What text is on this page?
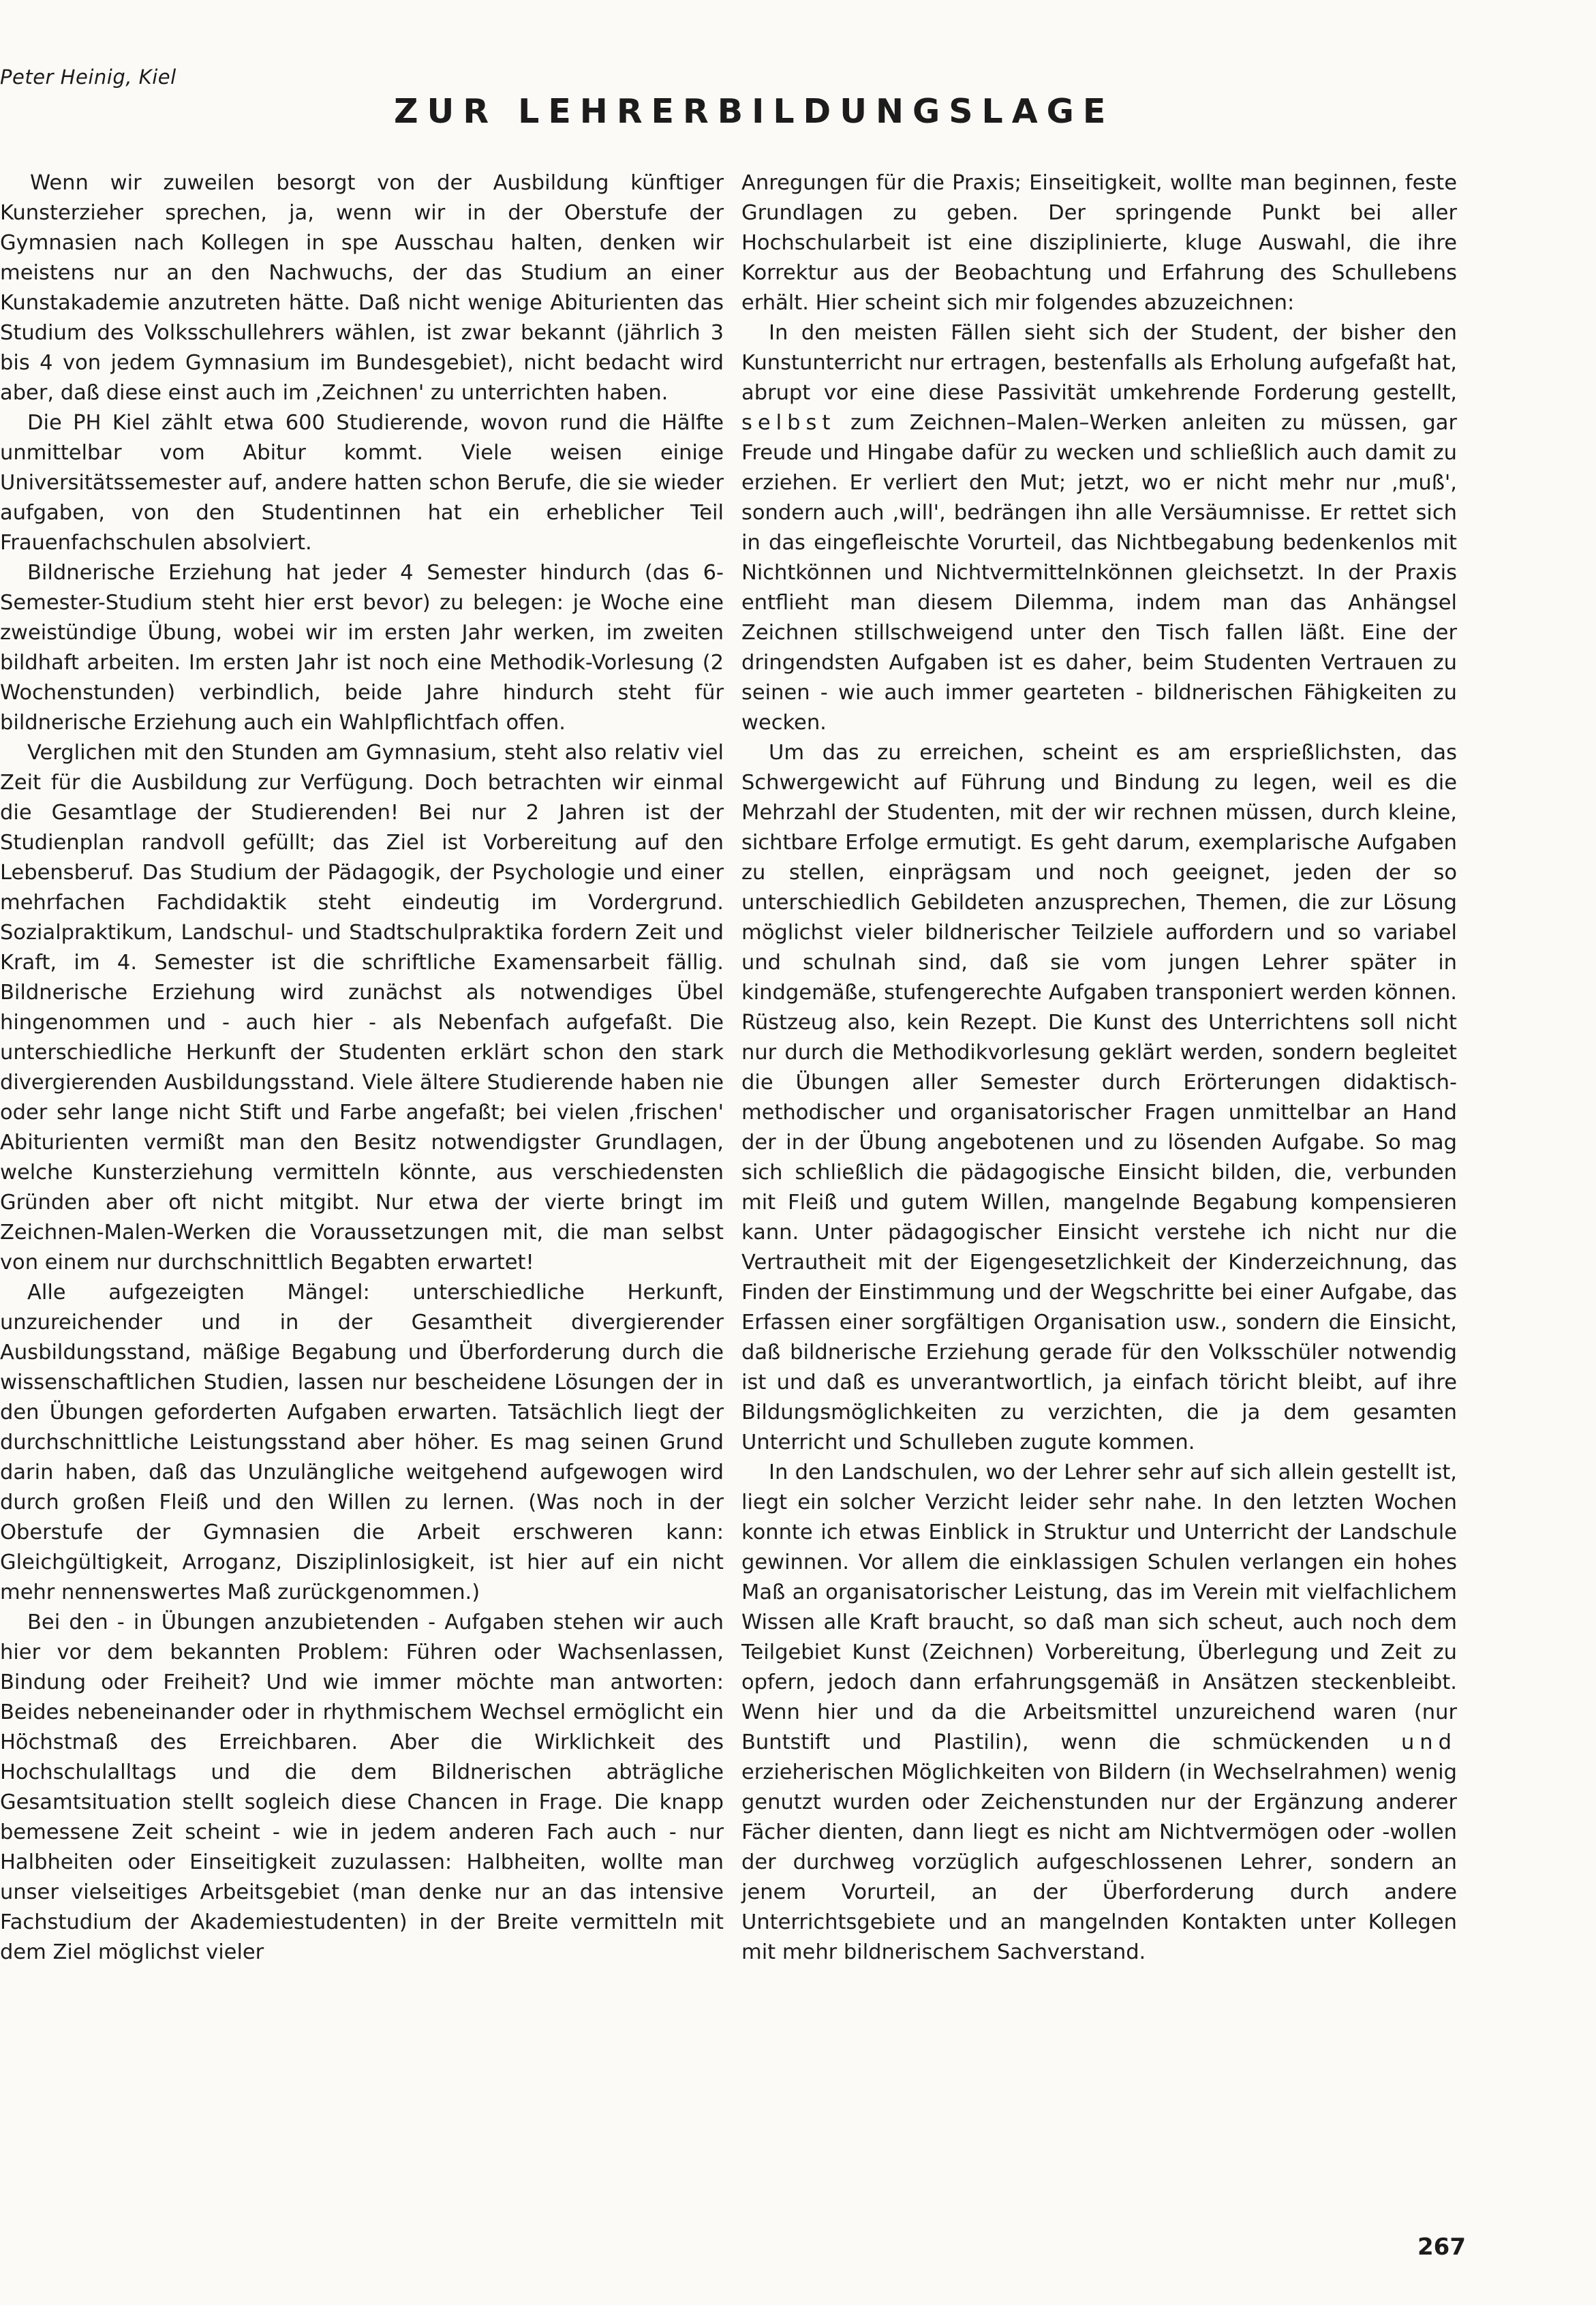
Peter Heinig, Kiel
ZUR LEHRERBILDUNGSLAGE

Wenn wir zuweilen besorgt von der Ausbildung künftiger Kunsterzieher sprechen, ja, wenn wir in der Oberstufe der Gymnasien nach Kollegen in spe Ausschau halten, denken wir meistens nur an den Nachwuchs, der das Studium an einer Kunstakademie anzutreten hätte. Daß nicht wenige Abiturienten das Studium des Volksschullehrers wählen, ist zwar bekannt (jährlich 3 bis 4 von jedem Gymnasium im Bundesgebiet), nicht bedacht wird aber, daß diese einst auch im ,Zeichnen' zu unterrichten haben.

Die PH Kiel zählt etwa 600 Studierende, wovon rund die Hälfte unmittelbar vom Abitur kommt. Viele weisen einige Universitätssemester auf, andere hatten schon Berufe, die sie wieder aufgaben, von den Studentinnen hat ein erheblicher Teil Frauenfachschulen absolviert.

Bildnerische Erziehung hat jeder 4 Semester hindurch (das 6-Semester-Studium steht hier erst bevor) zu belegen: je Woche eine zweistündige Übung, wobei wir im ersten Jahr werken, im zweiten bildhaft arbeiten. Im ersten Jahr ist noch eine Methodik-Vorlesung (2 Wochenstunden) verbindlich, beide Jahre hindurch steht für bildnerische Erziehung auch ein Wahlpflichtfach offen.

Verglichen mit den Stunden am Gymnasium, steht also relativ viel Zeit für die Ausbildung zur Verfügung. Doch betrachten wir einmal die Gesamtlage der Studierenden! Bei nur 2 Jahren ist der Studienplan randvoll gefüllt; das Ziel ist Vorbereitung auf den Lebensberuf. Das Studium der Pädagogik, der Psychologie und einer mehrfachen Fachdidaktik steht eindeutig im Vordergrund. Sozialpraktikum, Landschul- und Stadtschulpraktika fordern Zeit und Kraft, im 4. Semester ist die schriftliche Examensarbeit fällig. Bildnerische Erziehung wird zunächst als notwendiges Übel hingenommen und - auch hier - als Nebenfach aufgefaßt. Die unterschiedliche Herkunft der Studenten erklärt schon den stark divergierenden Ausbildungsstand. Viele ältere Studierende haben nie oder sehr lange nicht Stift und Farbe angefaßt; bei vielen ,frischen' Abiturienten vermißt man den Besitz notwendigster Grundlagen, welche Kunsterziehung vermitteln könnte, aus verschiedensten Gründen aber oft nicht mitgibt. Nur etwa der vierte bringt im Zeichnen-Malen-Werken die Voraussetzungen mit, die man selbst von einem nur durchschnittlich Begabten erwartet!

Alle aufgezeigten Mängel: unterschiedliche Herkunft, unzureichender und in der Gesamtheit divergierender Ausbildungsstand, mäßige Begabung und Überforderung durch die wissenschaftlichen Studien, lassen nur bescheidene Lösungen der in den Übungen geforderten Aufgaben erwarten. Tatsächlich liegt der durchschnittliche Leistungsstand aber höher. Es mag seinen Grund darin haben, daß das Unzulängliche weitgehend aufgewogen wird durch großen Fleiß und den Willen zu lernen. (Was noch in der Oberstufe der Gymnasien die Arbeit erschweren kann: Gleichgültigkeit, Arroganz, Disziplinlosigkeit, ist hier auf ein nicht mehr nennenswertes Maß zurückgenommen.)

Bei den - in Übungen anzubietenden - Aufgaben stehen wir auch hier vor dem bekannten Problem: Führen oder Wachsenlassen, Bindung oder Freiheit? Und wie immer möchte man antworten: Beides nebeneinander oder in rhythmischem Wechsel ermöglicht ein Höchstmaß des Erreichbaren. Aber die Wirklichkeit des Hochschulalltags und die dem Bildnerischen abträgliche Gesamtsituation stellt sogleich diese Chancen in Frage. Die knapp bemessene Zeit scheint - wie in jedem anderen Fach auch - nur Halbheiten oder Einseitigkeit zuzulassen: Halbheiten, wollte man unser vielseitiges Arbeitsgebiet (man denke nur an das intensive Fachstudium der Akademiestudenten) in der Breite vermitteln mit dem Ziel möglichst vieler

Anregungen für die Praxis; Einseitigkeit, wollte man beginnen, feste Grundlagen zu geben. Der springende Punkt bei aller Hochschularbeit ist eine disziplinierte, kluge Auswahl, die ihre Korrektur aus der Beobachtung und Erfahrung des Schullebens erhält. Hier scheint sich mir folgendes abzuzeichnen:

In den meisten Fällen sieht sich der Student, der bisher den Kunstunterricht nur ertragen, bestenfalls als Erholung aufgefaßt hat, abrupt vor eine diese Passivität umkehrende Forderung gestellt, selbst zum Zeichnen–Malen–Werken anleiten zu müssen, gar Freude und Hingabe dafür zu wecken und schließlich auch damit zu erziehen. Er verliert den Mut; jetzt, wo er nicht mehr nur ,muß', sondern auch ,will', bedrängen ihn alle Versäumnisse. Er rettet sich in das eingefleischte Vorurteil, das Nichtbegabung bedenkenlos mit Nichtkönnen und Nichtvermittelnkönnen gleichsetzt. In der Praxis entflieht man diesem Dilemma, indem man das Anhängsel Zeichnen stillschweigend unter den Tisch fallen läßt. Eine der dringendsten Aufgaben ist es daher, beim Studenten Vertrauen zu seinen - wie auch immer gearteten - bildnerischen Fähigkeiten zu wecken.

Um das zu erreichen, scheint es am ersprießlichsten, das Schwergewicht auf Führung und Bindung zu legen, weil es die Mehrzahl der Studenten, mit der wir rechnen müssen, durch kleine, sichtbare Erfolge ermutigt. Es geht darum, exemplarische Aufgaben zu stellen, einprägsam und noch geeignet, jeden der so unterschiedlich Gebildeten anzusprechen, Themen, die zur Lösung möglichst vieler bildnerischer Teilziele auffordern und so variabel und schulnah sind, daß sie vom jungen Lehrer später in kindgemäße, stufengerechte Aufgaben transponiert werden können. Rüstzeug also, kein Rezept. Die Kunst des Unterrichtens soll nicht nur durch die Methodikvorlesung geklärt werden, sondern begleitet die Übungen aller Semester durch Erörterungen didaktisch-methodischer und organisatorischer Fragen unmittelbar an Hand der in der Übung angebotenen und zu lösenden Aufgabe. So mag sich schließlich die pädagogische Einsicht bilden, die, verbunden mit Fleiß und gutem Willen, mangelnde Begabung kompensieren kann. Unter pädagogischer Einsicht verstehe ich nicht nur die Vertrautheit mit der Eigengesetzlichkeit der Kinderzeichnung, das Finden der Einstimmung und der Wegschritte bei einer Aufgabe, das Erfassen einer sorgfältigen Organisation usw., sondern die Einsicht, daß bildnerische Erziehung gerade für den Volksschüler notwendig ist und daß es unverantwortlich, ja einfach töricht bleibt, auf ihre Bildungsmöglichkeiten zu verzichten, die ja dem gesamten Unterricht und Schulleben zugute kommen.

In den Landschulen, wo der Lehrer sehr auf sich allein gestellt ist, liegt ein solcher Verzicht leider sehr nahe. In den letzten Wochen konnte ich etwas Einblick in Struktur und Unterricht der Landschule gewinnen. Vor allem die einklassigen Schulen verlangen ein hohes Maß an organisatorischer Leistung, das im Verein mit vielfachlichem Wissen alle Kraft braucht, so daß man sich scheut, auch noch dem Teilgebiet Kunst (Zeichnen) Vorbereitung, Überlegung und Zeit zu opfern, jedoch dann erfahrungsgemäß in Ansätzen steckenbleibt. Wenn hier und da die Arbeitsmittel unzureichend waren (nur Buntstift und Plastilin), wenn die schmückenden und erzieherischen Möglichkeiten von Bildern (in Wechselrahmen) wenig genutzt wurden oder Zeichenstunden nur der Ergänzung anderer Fächer dienten, dann liegt es nicht am Nichtvermögen oder -wollen der durchweg vorzüglich aufgeschlossenen Lehrer, sondern an jenem Vorurteil, an der Überforderung durch andere Unterrichtsgebiete und an mangelnden Kontakten unter Kollegen mit mehr bildnerischem Sachverstand.

267
